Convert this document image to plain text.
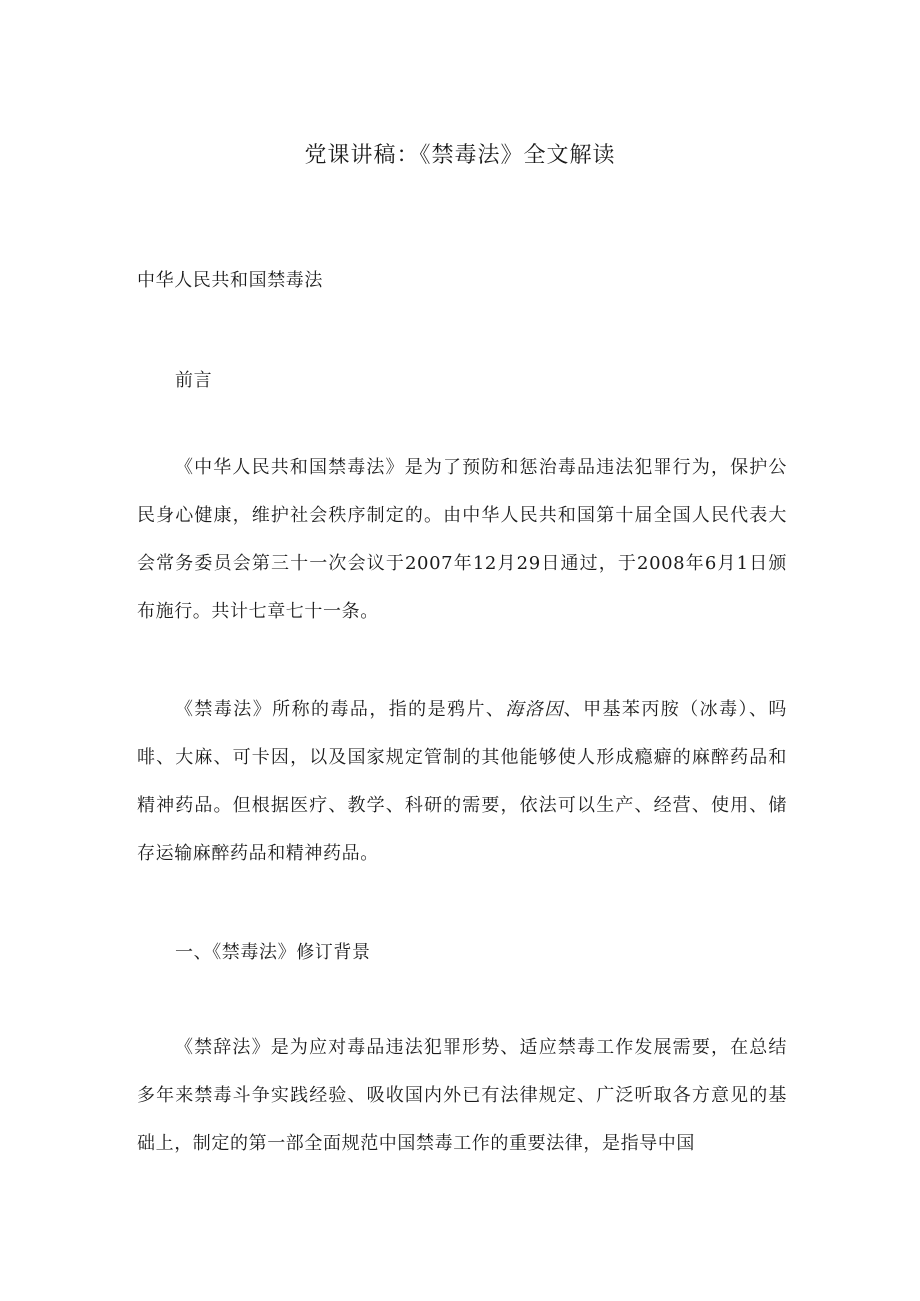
党课讲稿：《禁毒法》全文解读
中华人民共和国禁毒法
前言

《中华人民共和国禁毒法》是为了预防和惩治毒品违法犯罪行为，保护公民身心健康，维护社会秩序制定的。由中华人民共和国第十届全国人民代表大会常务委员会第三十一次会议于2007年12月29日通过，于2008年6月1日颁布施行。共计七章七十一条。

《禁毒法》所称的毒品，指的是鸦片、海洛因、甲基苯丙胺（冰毒）、吗啡、大麻、可卡因，以及国家规定管制的其他能够使人形成瘾癖的麻醉药品和精神药品。但根据医疗、教学、科研的需要，依法可以生产、经营、使用、储存运输麻醉药品和精神药品。

一、《禁毒法》修订背景

《禁辞法》是为应对毒品违法犯罪形势、适应禁毒工作发展需要，在总结多年来禁毒斗争实践经验、吸收国内外已有法律规定、广泛听取各方意见的基础上，制定的第一部全面规范中国禁毒工作的重要法律，是指导中国
